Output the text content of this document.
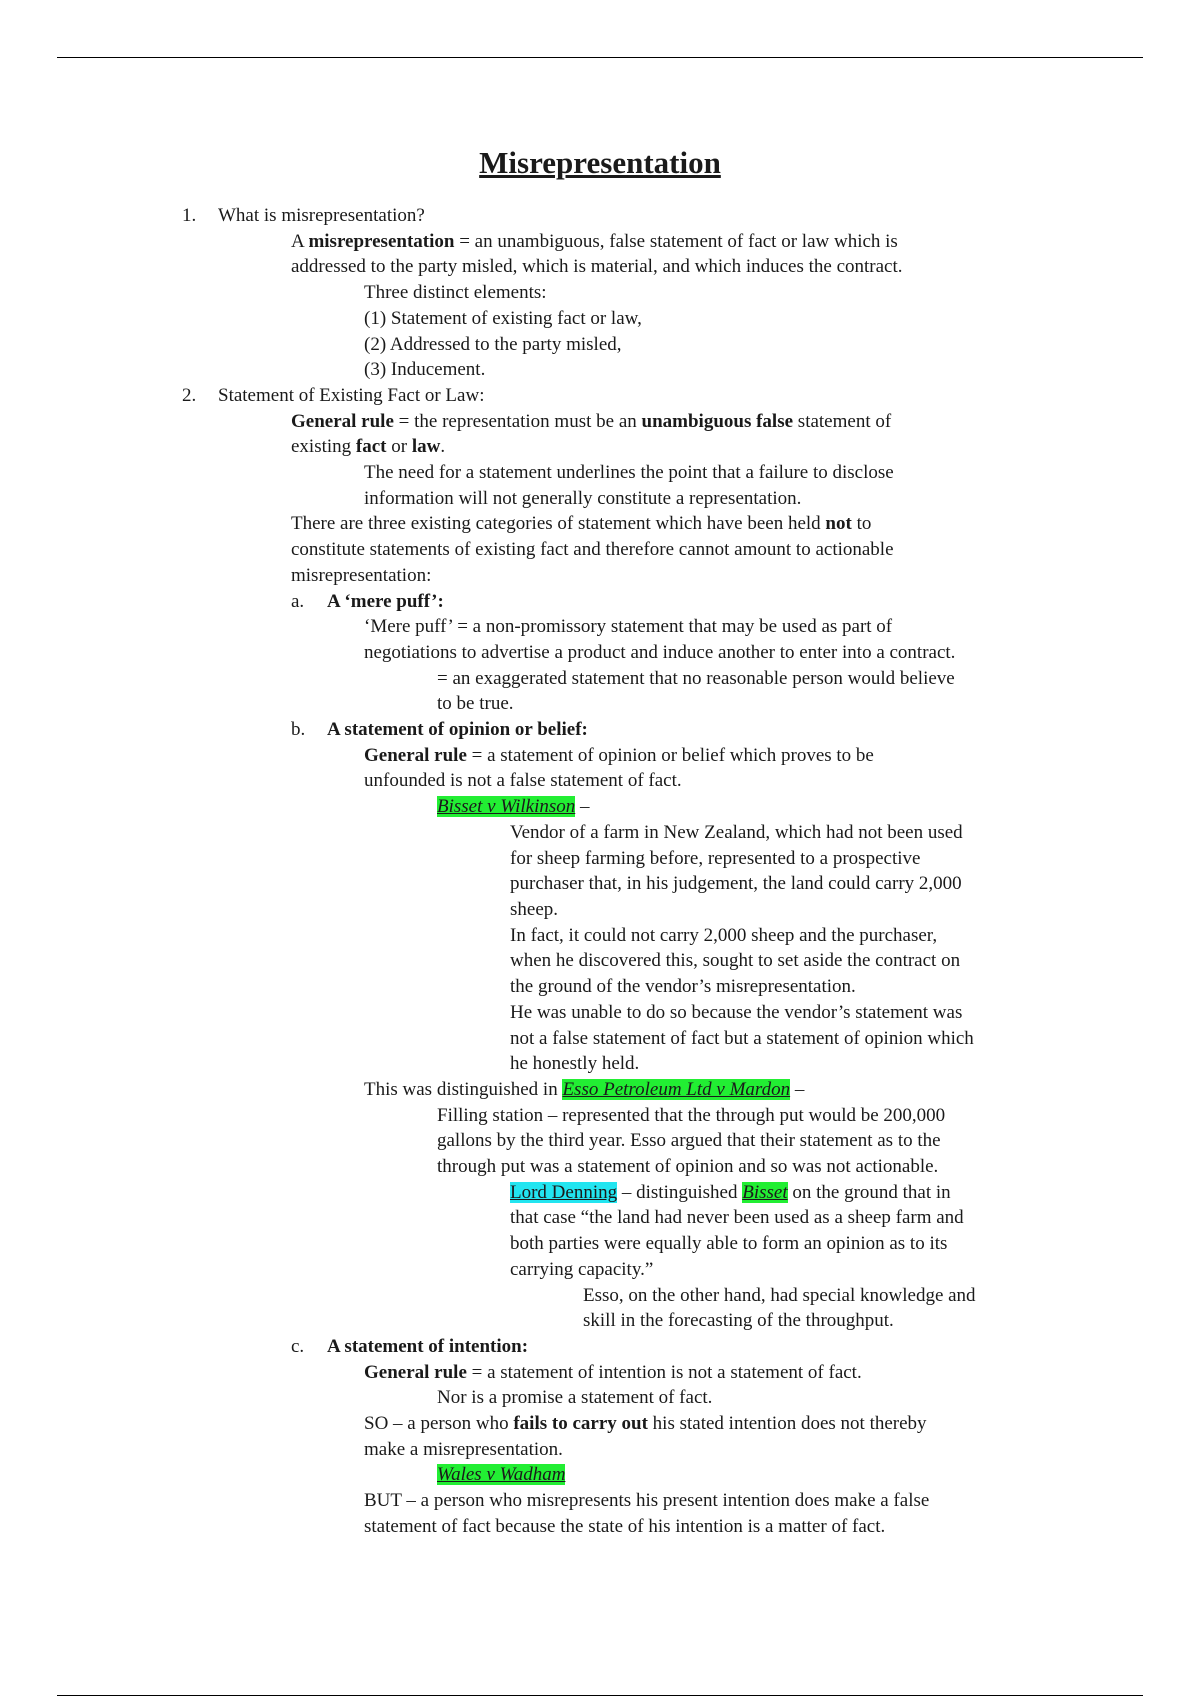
Misrepresentation
1. What is misrepresentation?
A misrepresentation = an unambiguous, false statement of fact or law which is
addressed to the party misled, which is material, and which induces the contract.
Three distinct elements:
(1) Statement of existing fact or law,
(2) Addressed to the party misled,
(3) Inducement.
2. Statement of Existing Fact or Law:
General rule = the representation must be an unambiguous false statement of
existing fact or law.
The need for a statement underlines the point that a failure to disclose
information will not generally constitute a representation.
There are three existing categories of statement which have been held not to
constitute statements of existing fact and therefore cannot amount to actionable
misrepresentation:
a. A ‘mere puff’:
‘Mere puff’ = a non-promissory statement that may be used as part of
negotiations to advertise a product and induce another to enter into a contract.
= an exaggerated statement that no reasonable person would believe
to be true.
b. A statement of opinion or belief:
General rule = a statement of opinion or belief which proves to be
unfounded is not a false statement of fact.
Bisset v Wilkinson –
Vendor of a farm in New Zealand, which had not been used
for sheep farming before, represented to a prospective
purchaser that, in his judgement, the land could carry 2,000
sheep.
In fact, it could not carry 2,000 sheep and the purchaser,
when he discovered this, sought to set aside the contract on
the ground of the vendor’s misrepresentation.
He was unable to do so because the vendor’s statement was
not a false statement of fact but a statement of opinion which
he honestly held.
This was distinguished in Esso Petroleum Ltd v Mardon –
Filling station – represented that the through put would be 200,000
gallons by the third year. Esso argued that their statement as to the
through put was a statement of opinion and so was not actionable.
Lord Denning – distinguished Bisset on the ground that in
that case “the land had never been used as a sheep farm and
both parties were equally able to form an opinion as to its
carrying capacity.”
Esso, on the other hand, had special knowledge and
skill in the forecasting of the throughput.
c. A statement of intention:
General rule = a statement of intention is not a statement of fact.
Nor is a promise a statement of fact.
SO – a person who fails to carry out his stated intention does not thereby
make a misrepresentation.
Wales v Wadham
BUT – a person who misrepresents his present intention does make a false
statement of fact because the state of his intention is a matter of fact.
